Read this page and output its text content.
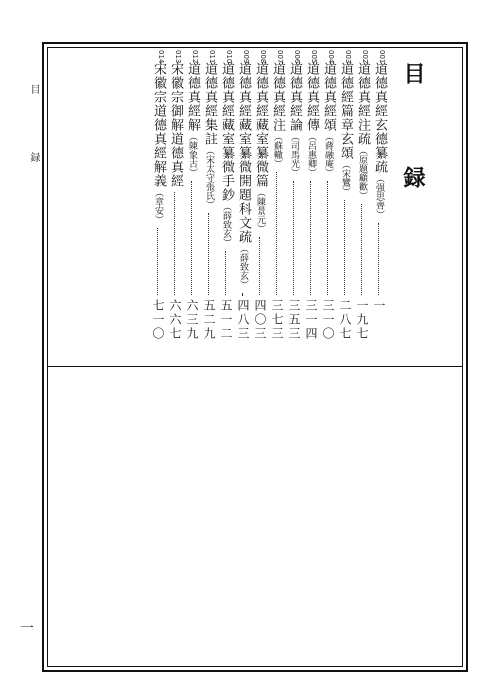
目　録
一
目　録
001
道德真經玄德纂疏（强思齊）
一
002
道德真經注疏（原題顧歡）
一九七
003
道德經篇章玄頌（宋鸞）
二八七
004
道德真經頌（蔣融庵）
三一〇
005
道德真經傳（呂惠卿）
三一四
006
道德真經論（司馬光）
三五三
007
道德真經注（蘇轍）
三七三
008
道德真經藏室纂微篇（陳景元）
四〇三
009
道德真經藏室纂微開題科文疏（薛致玄）
四八三
010
道德真經藏室纂微手鈔（薛致玄）
五一二
011
道德真經集註（宋太守張氏）
五二九
012
道德真經解（陳象古）
六三九
013
宋徽宗御解道德真經
六六七
014
宋徽宗道德真經解義（章安）
七一〇
